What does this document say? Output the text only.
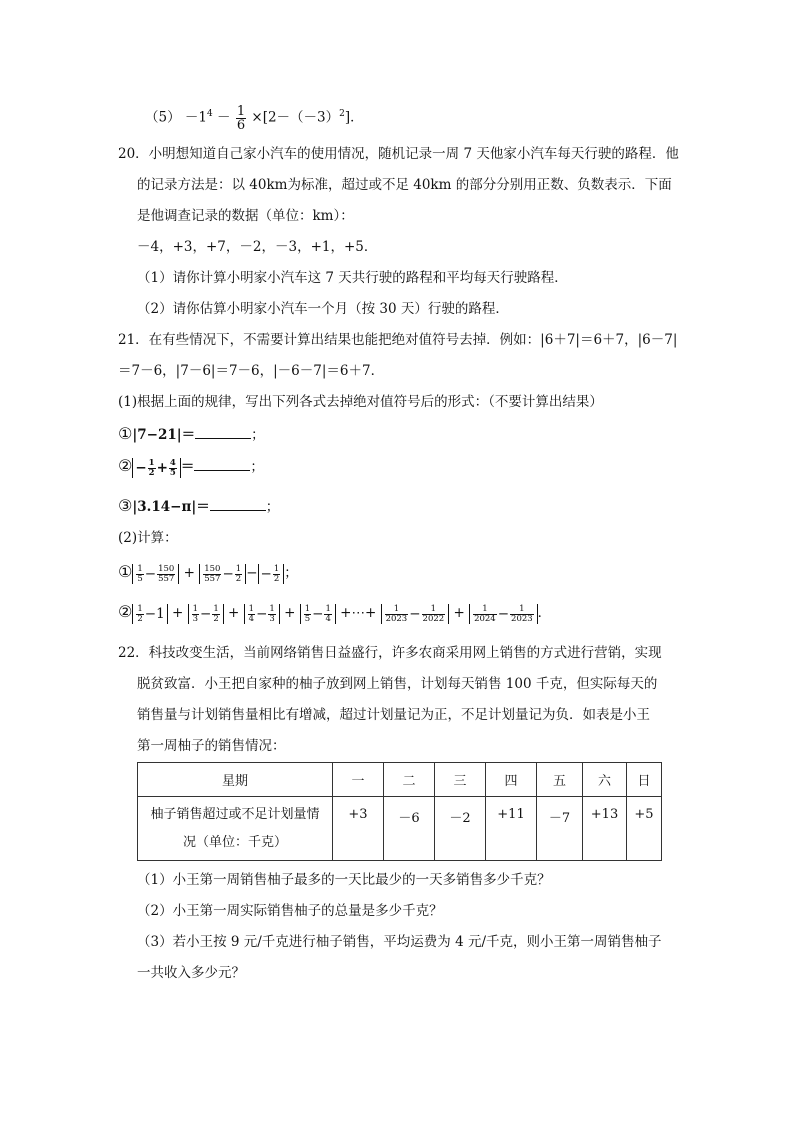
$(5) -1^4 - \frac{1}{6} \times[2-(-3)^2]$．
20．小明想知道自己家小汽车的使用情况，随机记录一周 7 天他家小汽车每天行驶的路程．他
的记录方法是：以 40km为标准，超过或不足 40km 的部分分别用正数、负数表示．下面
是他调查记录的数据（单位：km）：
－4，+3，+7，－2，－3，+1，+5．
（1）请你计算小明家小汽车这 7 天共行驶的路程和平均每天行驶路程．
（2）请你估算小明家小汽车一个月（按 30 天）行驶的路程．
21．在有些情况下，不需要计算出结果也能把绝对值符号去掉．例如：|6＋7|＝6＋7，|6－7|
＝7－6，|7－6|＝7－6，|－6－7|＝6＋7．
(1)根据上面的规律，写出下列各式去掉绝对值符号后的形式：（不要计算出结果）
①|7−21|＝	；
② − $\frac{1}{2} + \frac{4}{5}$ ＝	；
③|3.14−π|＝	；
(2)计算：
① $\frac{1}{5} - \frac{150}{557} + \frac{150}{557} - \frac{1}{2}$ − − $\frac{1}{2}$ ；
② $\frac{1}{2} -1 + \frac{1}{3} - \frac{1}{2} + \frac{1}{4} - \frac{1}{3} + \frac{1}{5} - \frac{1}{4}$ +⋯+ $\frac{1}{2023} - \frac{1}{2022} + \frac{1}{2024} - \frac{1}{2023}$ ．
22．科技改变生活，当前网络销售日益盛行，许多农商采用网上销售的方式进行营销，实现
脱贫致富．小王把自家种的柚子放到网上销售，计划每天销售 100 千克，但实际每天的
销售量与计划销售量相比有增减，超过计划量记为正，不足计划量记为负．如表是小王
第一周柚子的销售情况：
星期	一	二	三	四	五	六	日
柚子销售超过或不足计划量情
况（单位：千克）	+3	－6	－2	+11	－7	+13	+5
（1）小王第一周销售柚子最多的一天比最少的一天多销售多少千克？
（2）小王第一周实际销售柚子的总量是多少千克？
（3）若小王按 9 元/千克进行柚子销售，平均运费为 4 元/千克，则小王第一周销售柚子
一共收入多少元？
